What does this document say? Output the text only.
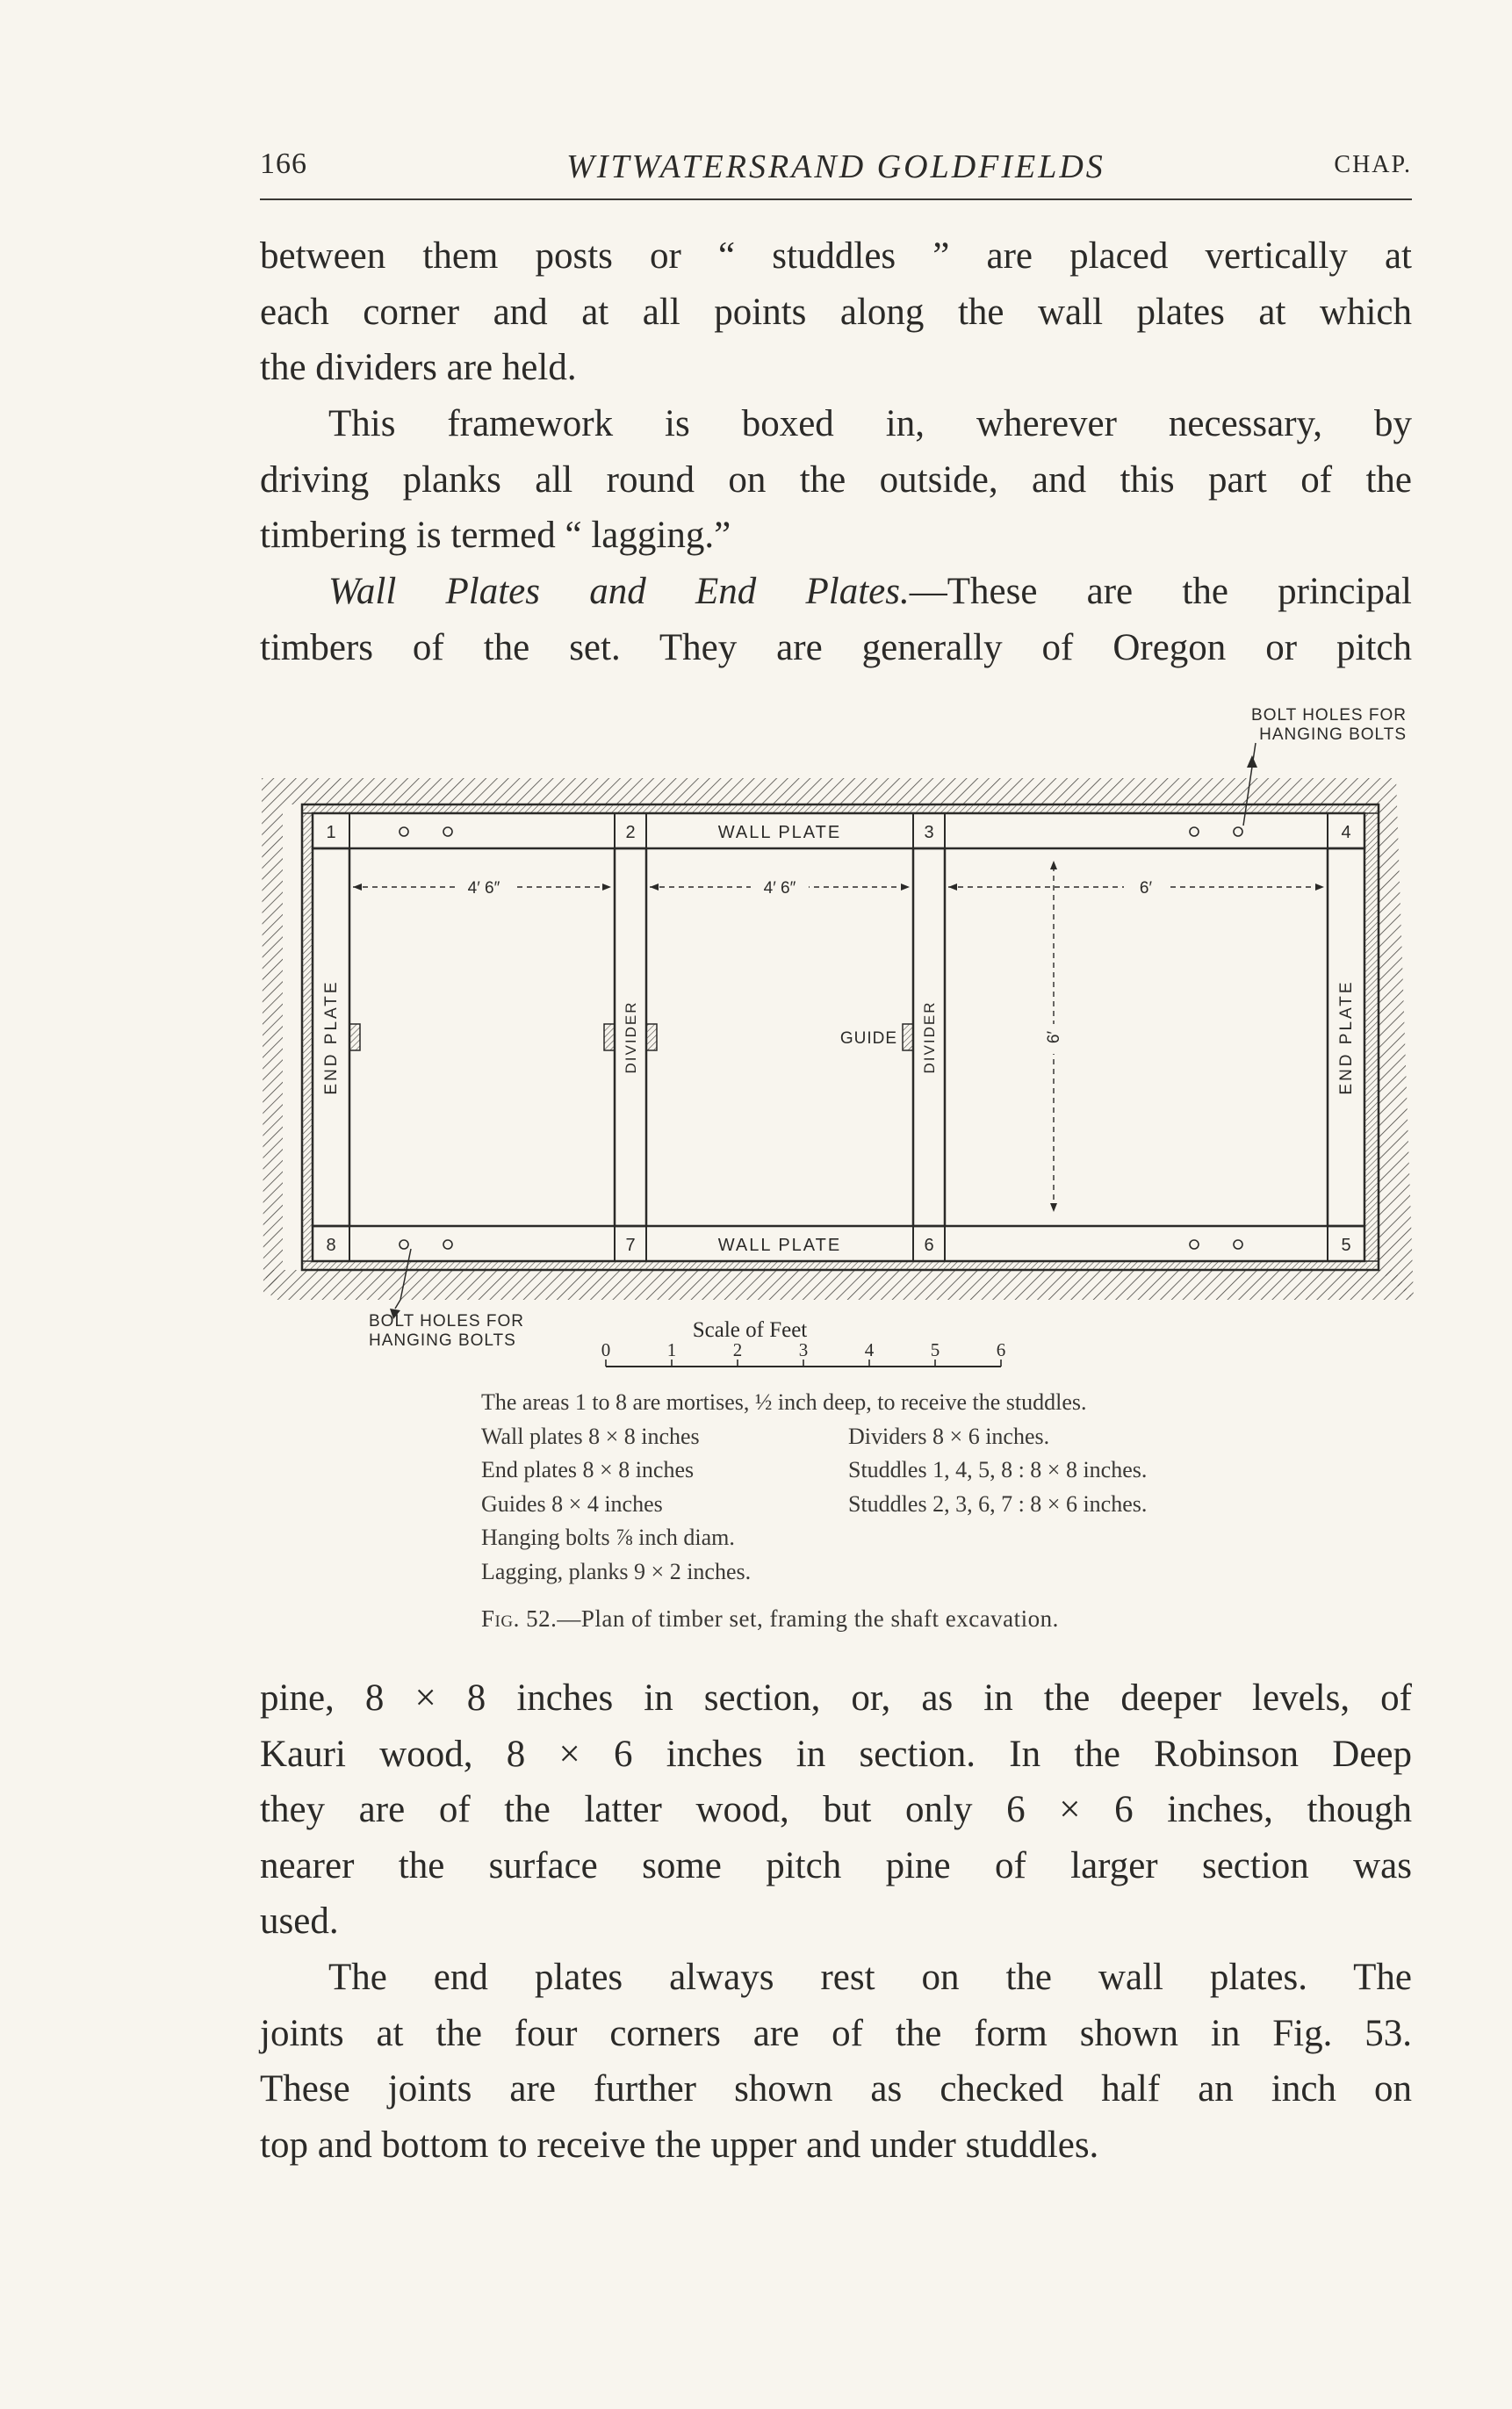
166	WITWATERSRAND GOLDFIELDS	CHAP.

between them posts or “ studdles ” are placed vertically at
each corner and at all points along the wall plates at which
the dividers are held.

This framework is boxed in, wherever necessary, by
driving planks all round on the outside, and this part of the
timbering is termed “ lagging.”

Wall Plates and End Plates.—These are the principal
timbers of the set. They are generally of Oregon or pitch

1	2	3	4
5
6
7
8
WALL PLATE
WALL PLATE
END PLATE	END PLATE
DIVIDER	DIVIDER
GUIDE
4′ 6″	4′ 6″	6′
6′
BOLT HOLES FOR
HANGING BOLTS
BOLT HOLES FOR
HANGING BOLTS	Scale of Feet
0	1	2	3	4	5	6
The areas 1 to 8 are mortises, ½ inch deep, to receive the studdles.
Wall plates 8 × 8 inches	Dividers 8 × 6 inches.
End plates 8 × 8 inches	Studdles 1, 4, 5, 8 : 8 × 8 inches.
Guides 8 × 4 inches	Studdles 2, 3, 6, 7 : 8 × 6 inches.
Hanging bolts ⅞ inch diam.
Lagging, planks 9 × 2 inches.
Fig. 52.—Plan of timber set, framing the shaft excavation.

pine, 8 × 8 inches in section, or, as in the deeper levels, of
Kauri wood, 8 × 6 inches in section. In the Robinson Deep
they are of the latter wood, but only 6 × 6 inches, though
nearer the surface some pitch pine of larger section was
used.

The end plates always rest on the wall plates. The
joints at the four corners are of the form shown in Fig. 53.
These joints are further shown as checked half an inch on
top and bottom to receive the upper and under studdles.
